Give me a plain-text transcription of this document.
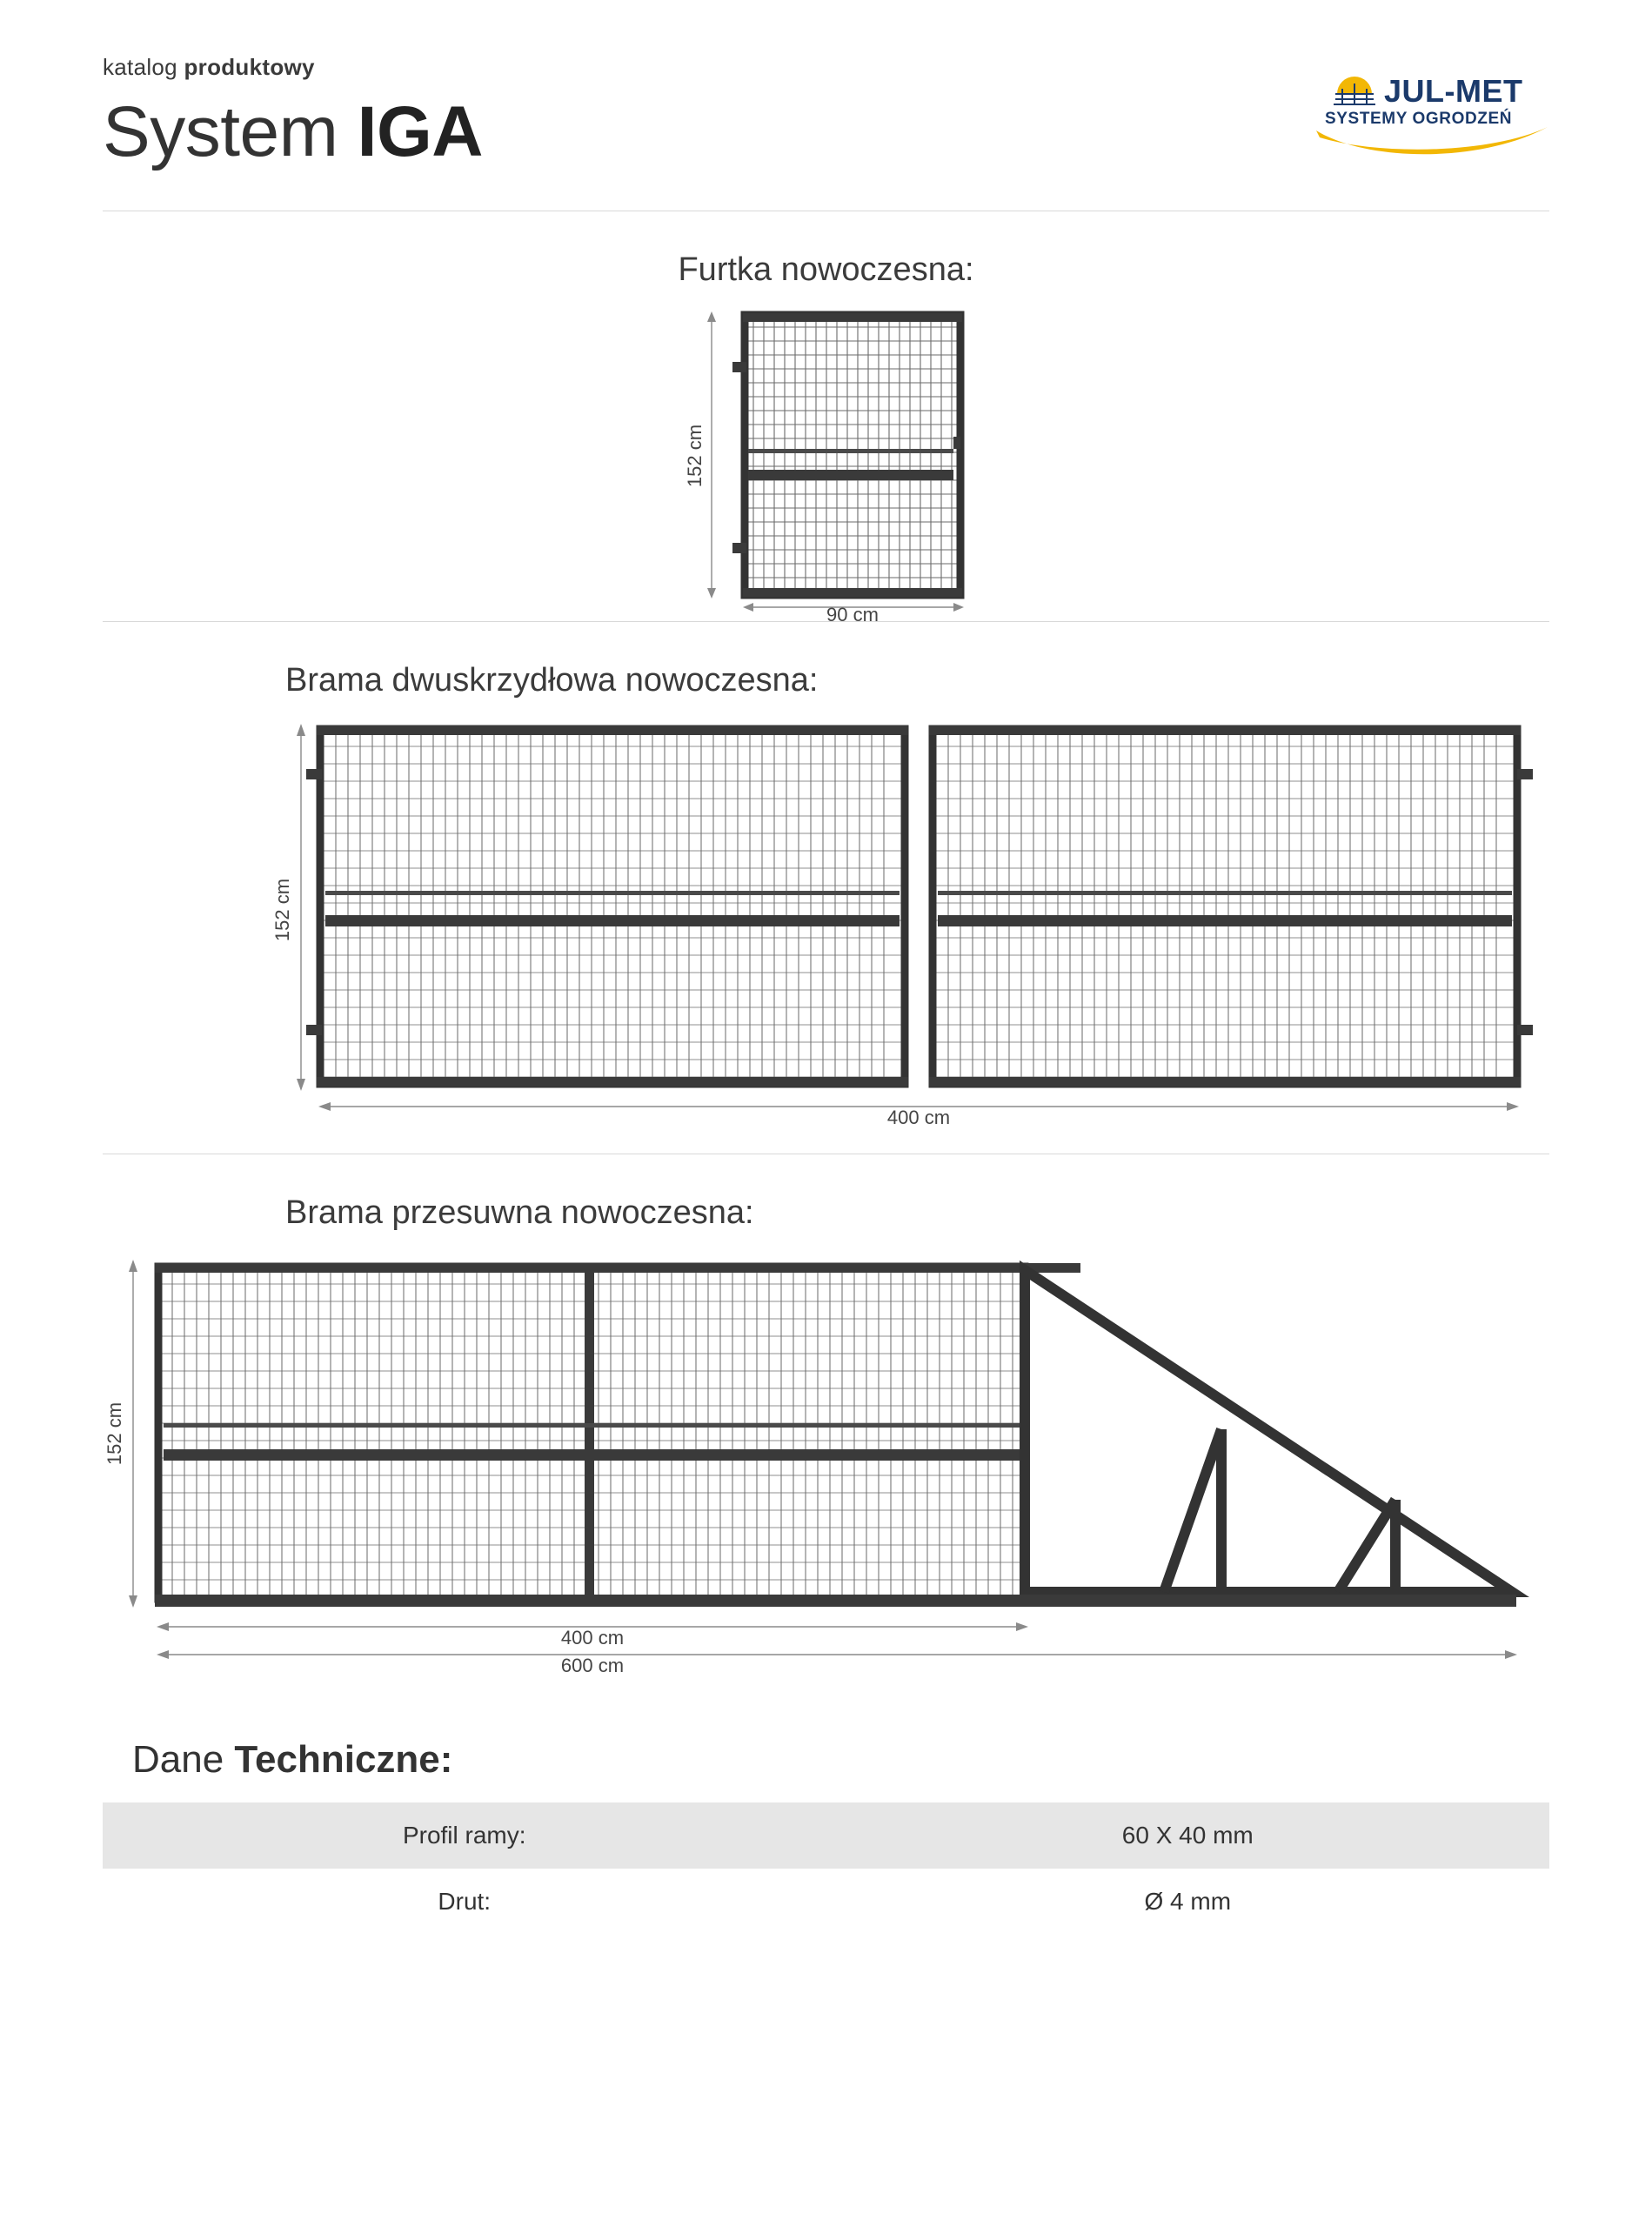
katalog produktowy
System IGA
JUL-MET
SYSTEMY OGRODZEŃ
Furtka nowoczesna:
152 cm
90 cm
Brama dwuskrzydłowa nowoczesna:
152 cm
400 cm
Brama przesuwna nowoczesna:
152 cm
400 cm
600 cm
Dane Techniczne:
Profil ramy:	60 X 40 mm
Drut:	Ø 4 mm
